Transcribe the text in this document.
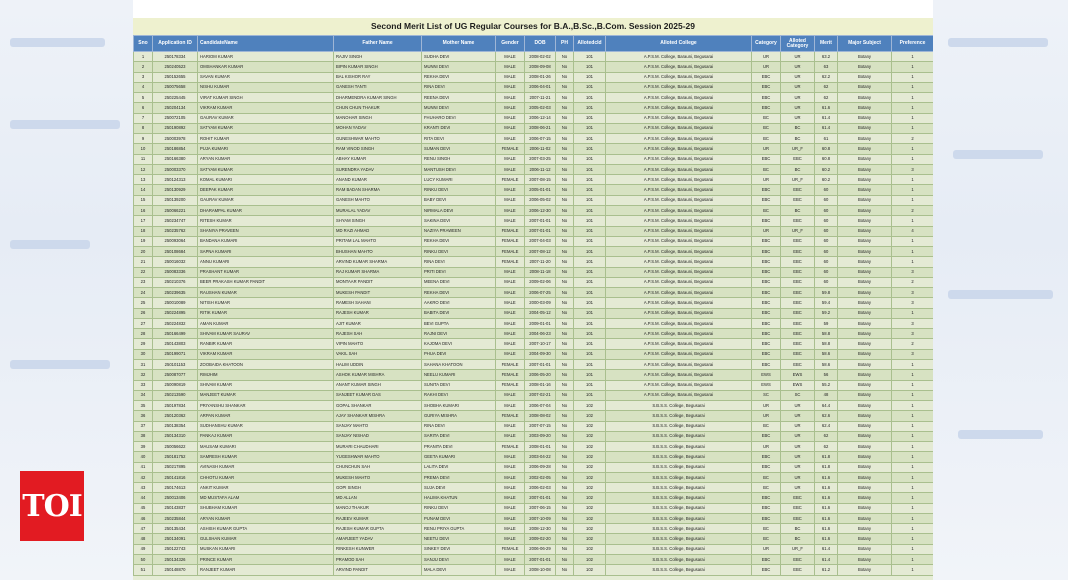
Second Merit List of UG Regular Courses for B.A.,B.Sc.,B.Com. Session 2025-29
Sno	Application ID	CandidateName	Father Name	Mother Name	Gender	DOB	PH	AllotedcId	Alloted College	Category	Alloted Category	Merit	Major Subject	Preference
1	250178334	HARIOM KUMAR	RAJIV SINGH	SUDHA DEVI	MALE	2008-02-02	No	101	A.P.S.M. College, Barauni, Begusarai	UR	UR	63.2	Botany	1
2	250240523	OMSHANKAR KUMAR	BIPIN KUMAR SINGH	MUNNI DEVI	MALE	2008-09-08	No	101	A.P.S.M. College, Barauni, Begusarai	UR	UR	63	Botany	1
3	250152655	SAVAN KUMAR	BAL KISHOR RAY	REKHA DEVI	MALE	2008-01-26	No	101	A.P.S.M. College, Barauni, Begusarai	EBC	UR	62.2	Botany	1
4	250075658	NISHU KUMAR	GANESH TANTI	RINA DEVI	MALE	2006-04-01	No	101	A.P.S.M. College, Barauni, Begusarai	EBC	UR	62	Botany	1
5	250225445	VIRAT KUMAR SINGH	DHARMENDRA KUMAR SINGH	REENA DEVI	MALE	2007-11-21	No	101	A.P.S.M. College, Barauni, Begusarai	EBC	UR	62	Botany	1
6	250204134	VIKRAM KUMAR	CHUN CHUN THAKUR	MUNNI DEVI	MALE	2005-02-03	No	101	A.P.S.M. College, Barauni, Begusarai	EBC	UR	61.6	Botany	1
7	250072105	GAURAV KUMAR	MANOHAR SINGH	FHUHARO DEVI	MALE	2006-12-14	No	101	A.P.S.M. College, Barauni, Begusarai	BC	UR	61.4	Botany	1
8	250190892	SATYAM KUMAR	MOHAN YADAV	KRANTI DEVI	MALE	2008-06-21	No	101	A.P.S.M. College, Barauni, Begusarai	BC	BC	61.4	Botany	1
9	250003978	ROHIT KUMAR	GUNESHWAR MAHTO	RITA DEVI	MALE	2006-07-15	No	101	A.P.S.M. College, Barauni, Begusarai	BC	BC	61	Botany	2
10	250186854	PUJA KUMARI	RAM VINOD SINGH	SUMAN DEVI	FEMALE	2006-11-02	No	101	A.P.S.M. College, Barauni, Begusarai	UR	UR_F	60.8	Botany	1
11	250166380	ARYAN KUMAR	ABHAY KUMAR	RENU SINGH	MALE	2007-03-25	No	101	A.P.S.M. College, Barauni, Begusarai	EBC	EBC	60.8	Botany	1
12	250003370	SATYAM KUMAR	SURENDRA YADAV	MANTUSH DEVI	MALE	2006-11-12	No	101	A.P.S.M. College, Barauni, Begusarai	BC	BC	60.2	Botany	3
13	250124313	KOMAL KUMARI	ANAND KUMAR	LUCY KUMARI	FEMALE	2007-08-15	No	101	A.P.S.M. College, Barauni, Begusarai	UR	UR_F	60.2	Botany	1
14	250130929	DEEPAK KUMAR	RAM BADAN SHARMA	RINKU DEVI	MALE	2005-01-01	No	101	A.P.S.M. College, Barauni, Begusarai	EBC	EBC	60	Botany	1
15	250139200	GAURAV KUMAR	GANESH MAHTO	BABY DEVI	MALE	2006-05-02	No	101	A.P.S.M. College, Barauni, Begusarai	EBC	EBC	60	Botany	1
16	250066221	DHARAMPAL KUMAR	MURALAL YADAV	NIRMALA DEVI	MALE	2006-12-30	No	101	A.P.S.M. College, Barauni, Begusarai	BC	BC	60	Botany	2
17	250234747	RITESH KUMAR	SHYAM SINGH	SAKINA DEVI	MALE	2007-01-01	No	101	A.P.S.M. College, Barauni, Begusarai	EBC	EBC	60	Botany	1
18	250235762	SHANIYA PRAVEEN	MD RAZI AHMAD	NAZIYA PRAWEEN	FEMALE	2007-01-01	No	101	A.P.S.M. College, Barauni, Begusarai	UR	UR_F	60	Botany	4
19	250093064	BANDANA KUMARI	PRITAM LAL MAHTO	REKHA DEVI	FEMALE	2007-04-03	No	101	A.P.S.M. College, Barauni, Begusarai	EBC	EBC	60	Botany	1
20	250108684	SAPNA KUMARI	BHUSHAN MAHTO	RINKU DEVI	FEMALE	2007-08-12	No	101	A.P.S.M. College, Barauni, Begusarai	EBC	EBC	60	Botany	1
21	250016032	ANNU KUMARI	ARVIND KUMAR SHARMA	RINA DEVI	FEMALE	2007-11-20	No	101	A.P.S.M. College, Barauni, Begusarai	EBC	EBC	60	Botany	1
22	250083336	PRASHANT KUMAR	RAJ KUMAR SHARMA	PRITI DEVI	MALE	2008-11-18	No	101	A.P.S.M. College, Barauni, Begusarai	EBC	EBC	60	Botany	3
23	250210376	BEER PRAKASH KUMAR PANDIT	MONTAAR PANDIT	MEENA DEVI	MALE	2009-02-06	No	101	A.P.S.M. College, Barauni, Begusarai	EBC	EBC	60	Botany	2
24	250239635	RAUSHAN KUMAR	MUKESH PANDIT	REKHA DEVI	MALE	2006-07-25	No	101	A.P.S.M. College, Barauni, Begusarai	EBC	EBC	59.8	Botany	3
25	250010089	NITISH KUMAR	RAMESH SAHANI	AAKRO DEVI	MALE	2000-03-09	No	101	A.P.S.M. College, Barauni, Begusarai	EBC	EBC	59.4	Botany	3
26	250224895	RITIK KUMAR	RAJESH KUMAR	BABITA DEVI	MALE	2004-05-12	No	101	A.P.S.M. College, Barauni, Begusarai	EBC	EBC	59.2	Botany	1
27	250224832	AMAN KUMAR	AJIT KUMAR	BEVI GUPTA	MALE	2009-01-01	No	101	A.P.S.M. College, Barauni, Begusarai	EBC	EBC	59	Botany	3
28	250166499	SHIVAM KUMAR SAURAV	RAJESH SAH	RAJNI DEVI	MALE	2004-06-23	No	101	A.P.S.M. College, Barauni, Begusarai	EBC	EBC	58.8	Botany	3
29	250143803	RANBIR KUMAR	VIPIN MAHTO	KAJOMA DEVI	MALE	2007-10-17	No	101	A.P.S.M. College, Barauni, Begusarai	EBC	EBC	58.8	Botany	2
30	250199071	VIKRAM KUMAR	VAKIL SAH	PHUA DEVI	MALE	2004-09-30	No	101	A.P.S.M. College, Barauni, Begusarai	EBC	EBC	58.6	Botany	3
31	250101153	ZOOBAIDA KHATOON	HALIM UDDIN	SAHANA KHATOON	FEMALE	2007-01-01	No	101	A.P.S.M. College, Barauni, Begusarai	EBC	EBC	58.6	Botany	1
32	250087077	RIMJHIM	ASHOK KUMAR MISHRA	NEELU KUMARI	FEMALE	2006-05-20	No	101	A.P.S.M. College, Barauni, Begusarai	EWS	EWS	56	Botany	1
33	250090819	SHIVAM KUMAR	ANANT KUMAR SINGH	SUNITA DEVI	FEMALE	2008-01-16	No	101	A.P.S.M. College, Barauni, Begusarai	EWS	EWS	55.2	Botany	1
34	250213590	MANJEET KUMAR	SANJEET KUMAR DAS	RAKHI DEVI	MALE	2007-02-21	No	101	A.P.S.M. College, Barauni, Begusarai	SC	SC	48	Botany	1
35	250197834	PRIYANSHU SHANKAR	GOPAL SHANKAR	SHOBHA KUMARI	MALE	2006-07-04	No	102	S.B.S.S. College, Begusarai	UR	UR	64.4	Botany	1
36	250120362	ARPAN KUMAR	AJAY SHANKAR MISHRA	GURIYA MISHRA	FEMALE	2008-08-02	No	102	S.B.S.S. College, Begusarai	UR	UR	62.6	Botany	1
37	250138354	SUDHANSHU KUMAR	SANJAY MAHTO	RINA DEVI	MALE	2007-07-15	No	102	S.B.S.S. College, Begusarai	BC	UR	62.4	Botany	1
38	250134310	PANKAJ KUMAR	SANJAY NISHAD	SARITA DEVI	MALE	2003-09-20	No	102	S.B.S.S. College, Begusarai	EBC	UR	62	Botany	1
39	250056622	MAUSAM KUMARI	MURARI CHAUDHARI	PRANITA DEVI	FEMALE	2008-01-01	No	102	S.B.S.S. College, Begusarai	UR	UR	62	Botany	1
40	250181752	SAMRESH KUMAR	YUGESHWAR MAHTO	GEETA KUMARI	MALE	2003-04-22	No	102	S.B.S.S. College, Begusarai	EBC	UR	61.8	Botany	1
41	250217895	AVINASH KUMAR	CHUNCHUN SAH	LALITA DEVI	MALE	2006-09-28	No	102	S.B.S.S. College, Begusarai	EBC	UR	61.8	Botany	1
42	250141816	CHHOTU KUMAR	MUKESH MAHTO	PREMA DEVI	MALE	2002-02-05	No	102	S.B.S.S. College, Begusarai	BC	UR	61.6	Botany	1
43	250174613	ANKIT KUMAR	GOPI SINGH	SUJA DEVI	MALE	2006-02-03	No	102	S.B.S.S. College, Begusarai	BC	UR	61.6	Botany	1
44	250013406	MD MUSTAFA ALAM	MD ALLAN	HALIMA KHATUN	MALE	2007-01-01	No	102	S.B.S.S. College, Begusarai	EBC	EBC	61.6	Botany	1
45	250143837	SHUBHAM KUMAR	MANOJ THAKUR	RINKU DEVI	MALE	2007-06-15	No	102	S.B.S.S. College, Begusarai	EBC	EBC	61.6	Botany	1
46	250235844	ARYAN KUMAR	RAJEEV KUMAR	PUNAM DEVI	MALE	2007-10-09	No	102	S.B.S.S. College, Begusarai	EBC	EBC	61.6	Botany	1
47	250135434	ASHISH KUMAR GUPTA	RAJESH KUMAR GUPTA	RENU PRIYA GUPTA	MALE	2008-12-30	No	102	S.B.S.S. College, Begusarai	BC	BC	61.6	Botany	1
48	250134091	GULSHAN KUMAR	AMARJEET YADAV	NEETU DEVI	MALE	2009-02-20	No	102	S.B.S.S. College, Begusarai	BC	BC	61.6	Botany	1
49	250122743	MUSKAN KUMARI	RINKESH KUNWER	SINKEY DEVI	FEMALE	2006-06-29	No	102	S.B.S.S. College, Begusarai	UR	UR_F	61.4	Botany	1
50	250134326	PRINCE KUMAR	PRAMOD SAH	SANJU DEVI	MALE	2007-01-01	No	102	S.B.S.S. College, Begusarai	EBC	EBC	61.4	Botany	1
51	250148870	RANJEET KUMAR	ARVIND PANDIT	MALA DEVI	MALE	2008-10-08	No	102	S.B.S.S. College, Begusarai	EBC	EBC	61.2	Botany	1
TOI
